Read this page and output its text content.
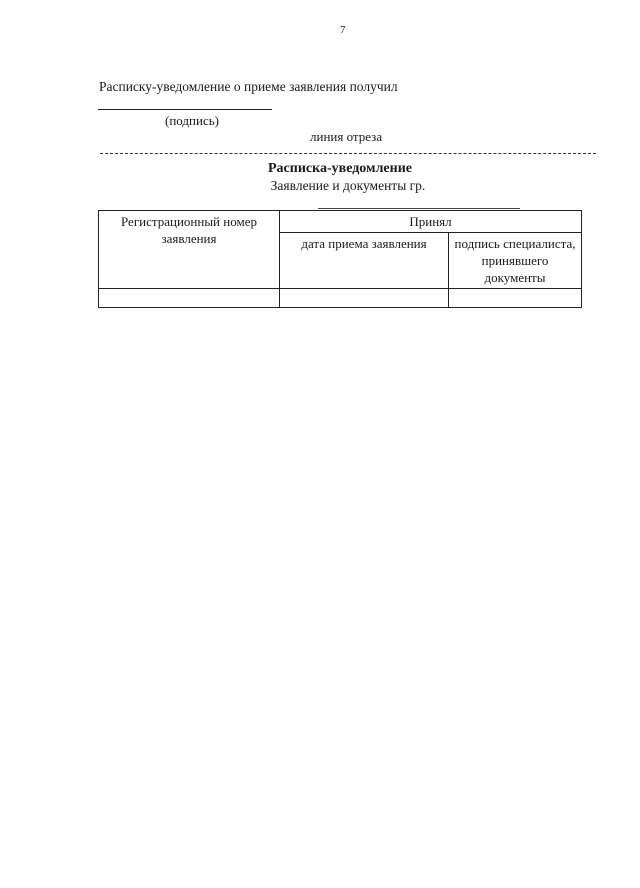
7
Расписку-уведомление о приеме заявления получил
(подпись)
линия отреза
Расписка-уведомление
Заявление и документы гр.
Регистрационный номер заявления	Принял	
	дата приема заявления	подпись специалиста, принявшего документы
